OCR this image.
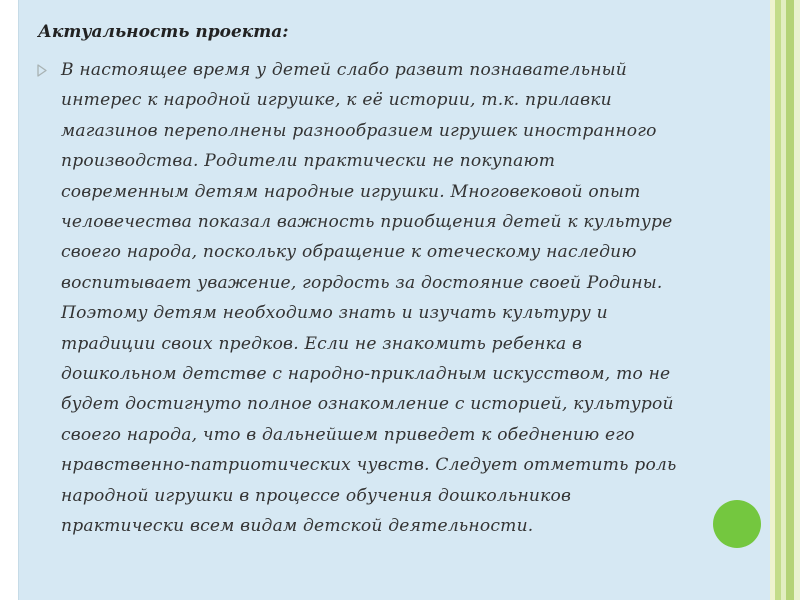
Актуальность проекта:

В настоящее время у детей слабо развит познавательный
интерес к народной игрушке, к её истории, т.к. прилавки
магазинов переполнены разнообразием игрушек иностранного
производства. Родители практически не покупают
современным детям народные игрушки. Многовековой опыт
человечества показал важность приобщения детей к культуре
своего народа, поскольку обращение к отеческому наследию
воспитывает уважение, гордость за достояние своей Родины.
Поэтому детям необходимо знать и изучать культуру и
традиции своих предков. Если не знакомить ребенка в
дошкольном детстве с народно-прикладным искусством, то не
будет достигнуто полное ознакомление с историей, культурой
своего народа, что в дальнейшем приведет к обеднению его
нравственно-патриотических чувств. Следует отметить роль
народной игрушки в процессе обучения дошкольников
практически всем видам детской деятельности.
